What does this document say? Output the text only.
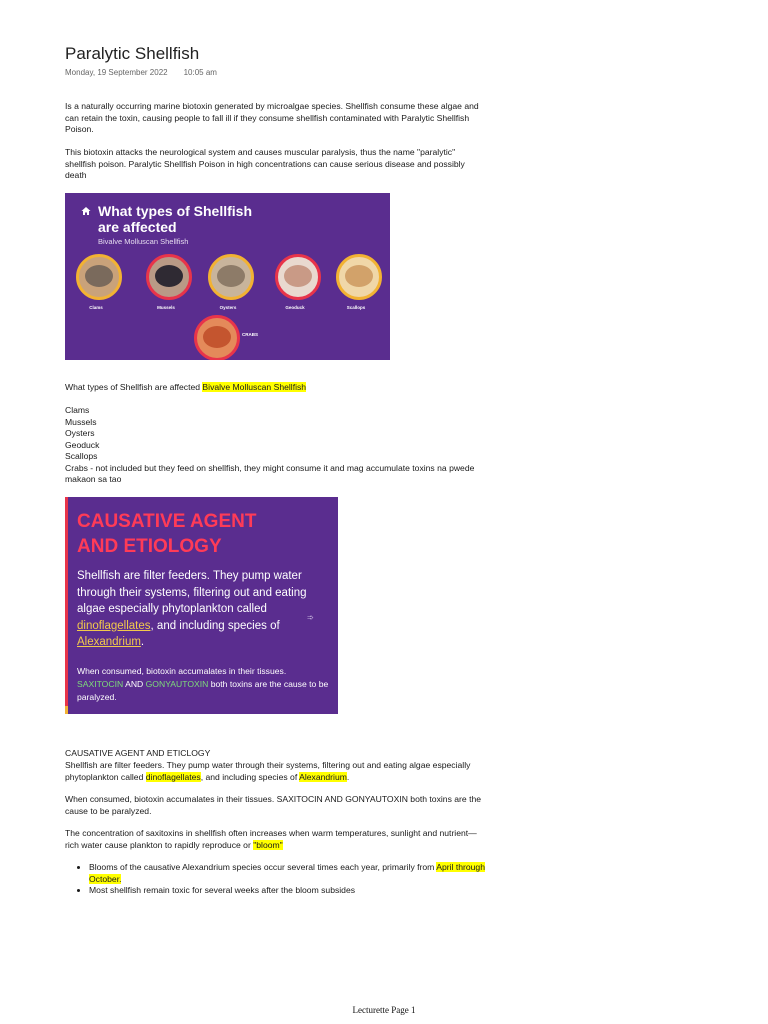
Paralytic Shellfish
Monday, 19 September 2022 10:05 am
Is a naturally occurring marine biotoxin generated by microalgae species. Shellfish consume these algae and can retain the toxin, causing people to fall ill if they consume shellfish contaminated with Paralytic Shellfish Poison.
This biotoxin attacks the neurological system and causes muscular paralysis, thus the name "paralytic" shellfish poison. Paralytic Shellfish Poison in high concentrations can cause serious disease and possibly death
What types of Shellfish
are affected
Bivalve Molluscan Shellfish
Clams	Mussels	Oysters	Geoduck	Scallops
CRABS
What types of Shellfish are affected Bivalve Molluscan Shellfish
Clams
Mussels
Oysters
Geoduck
Scallops
Crabs - not included but they feed on shellfish, they might consume it and mag accumulate toxins na pwede makaon sa tao
CAUSATIVE AGENT
AND ETIOLOGY
Shellfish are filter feeders. They pump water through their systems, filtering out and eating algae especially phytoplankton called dinoflagellates, and including species of Alexandrium.
➾
When consumed, biotoxin accumalates in their tissues. SAXITOCIN AND GONYAUTOXIN both toxins are the cause to be paralyzed.
CAUSATIVE AGENT AND ETICLOGY
Shellfish are filter feeders. They pump water through their systems, filtering out and eating algae especially phytoplankton called dinoflagellates, and including species of Alexandrium.
When consumed, biotoxin accumalates in their tissues. SAXITOCIN AND GONYAUTOXIN both toxins are the cause to be paralyzed.
The concentration of saxitoxins in shellfish often increases when warm temperatures, sunlight and nutrient—rich water cause plankton to rapidly reproduce or "bloom"
• Blooms of the causative Alexandrium species occur several times each year, primarily from April through October.
• Most shellfish remain toxic for several weeks after the bloom subsides
Lecturette Page 1
